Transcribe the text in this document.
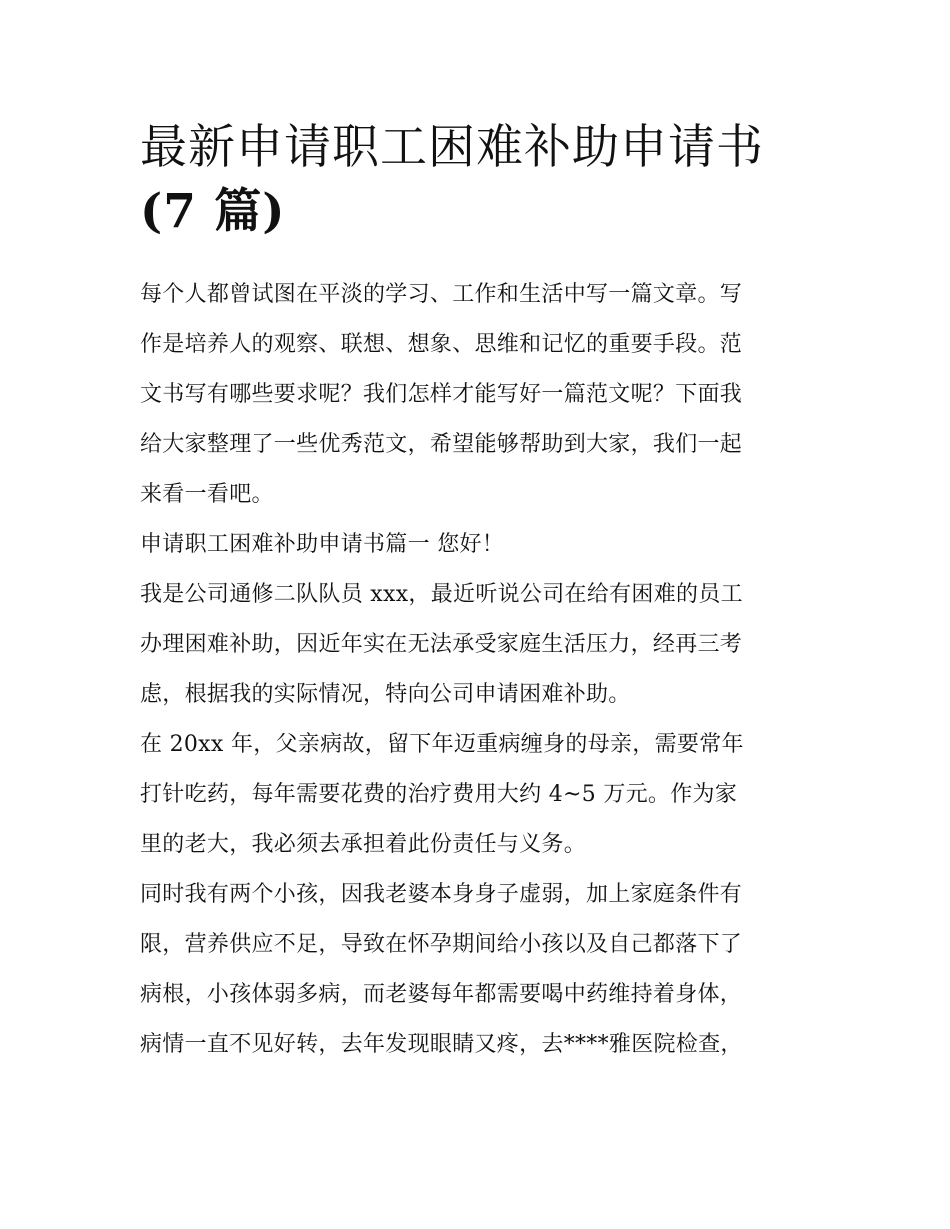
最新申请职工困难补助申请书
(7 篇)

每个人都曾试图在平淡的学习、工作和生活中写一篇文章。写
作是培养人的观察、联想、想象、思维和记忆的重要手段。范
文书写有哪些要求呢？我们怎样才能写好一篇范文呢？下面我
给大家整理了一些优秀范文，希望能够帮助到大家，我们一起
来看一看吧。

申请职工困难补助申请书篇一 您好！

我是公司通修二队队员 xxx，最近听说公司在给有困难的员工
办理困难补助，因近年实在无法承受家庭生活压力，经再三考
虑，根据我的实际情况，特向公司申请困难补助。

在 20xx 年，父亲病故，留下年迈重病缠身的母亲，需要常年
打针吃药，每年需要花费的治疗费用大约 4~5 万元。作为家
里的老大，我必须去承担着此份责任与义务。

同时我有两个小孩，因我老婆本身身子虚弱，加上家庭条件有
限，营养供应不足，导致在怀孕期间给小孩以及自己都落下了
病根，小孩体弱多病，而老婆每年都需要喝中药维持着身体，
病情一直不见好转，去年发现眼睛又疼，去****雅医院检查，
